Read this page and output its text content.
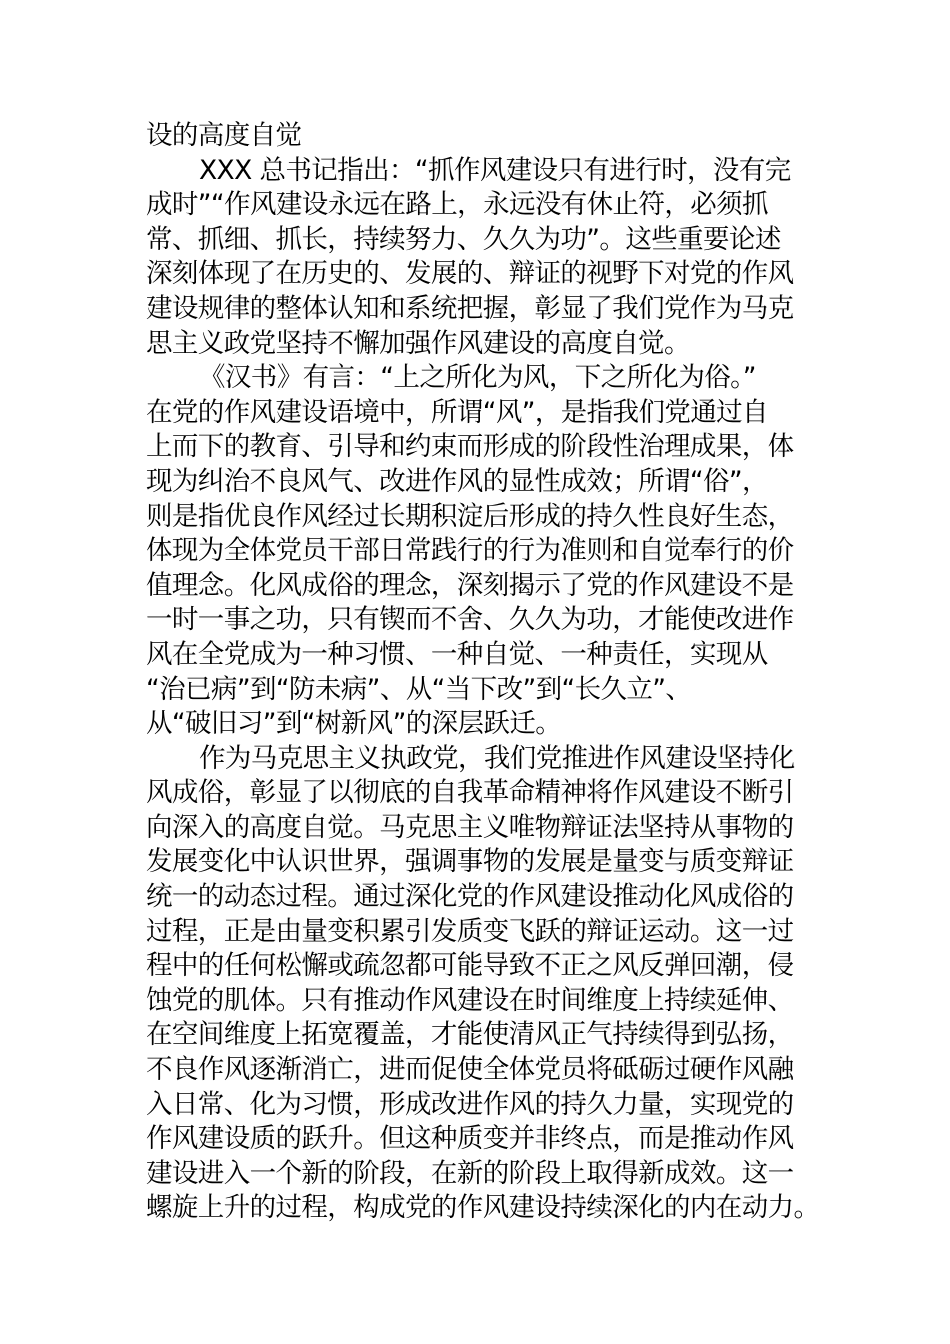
设的高度自觉
XXX 总书记指出：“抓作风建设只有进行时，没有完
成时”“作风建设永远在路上，永远没有休止符，必须抓
常、抓细、抓长，持续努力、久久为功”。这些重要论述
深刻体现了在历史的、发展的、辩证的视野下对党的作风
建设规律的整体认知和系统把握，彰显了我们党作为马克
思主义政党坚持不懈加强作风建设的高度自觉。
《汉书》有言：“上之所化为风，下之所化为俗。”
在党的作风建设语境中，所谓“风”，是指我们党通过自
上而下的教育、引导和约束而形成的阶段性治理成果，体
现为纠治不良风气、改进作风的显性成效；所谓“俗”，
则是指优良作风经过长期积淀后形成的持久性良好生态，
体现为全体党员干部日常践行的行为准则和自觉奉行的价
值理念。化风成俗的理念，深刻揭示了党的作风建设不是
一时一事之功，只有锲而不舍、久久为功，才能使改进作
风在全党成为一种习惯、一种自觉、一种责任，实现从
“治已病”到“防未病”、从“当下改”到“长久立”、
从“破旧习”到“树新风”的深层跃迁。
作为马克思主义执政党，我们党推进作风建设坚持化
风成俗，彰显了以彻底的自我革命精神将作风建设不断引
向深入的高度自觉。马克思主义唯物辩证法坚持从事物的
发展变化中认识世界，强调事物的发展是量变与质变辩证
统一的动态过程。通过深化党的作风建设推动化风成俗的
过程，正是由量变积累引发质变飞跃的辩证运动。这一过
程中的任何松懈或疏忽都可能导致不正之风反弹回潮，侵
蚀党的肌体。只有推动作风建设在时间维度上持续延伸、
在空间维度上拓宽覆盖，才能使清风正气持续得到弘扬，
不良作风逐渐消亡，进而促使全体党员将砥砺过硬作风融
入日常、化为习惯，形成改进作风的持久力量，实现党的
作风建设质的跃升。但这种质变并非终点，而是推动作风
建设进入一个新的阶段，在新的阶段上取得新成效。这一
螺旋上升的过程，构成党的作风建设持续深化的内在动力。
